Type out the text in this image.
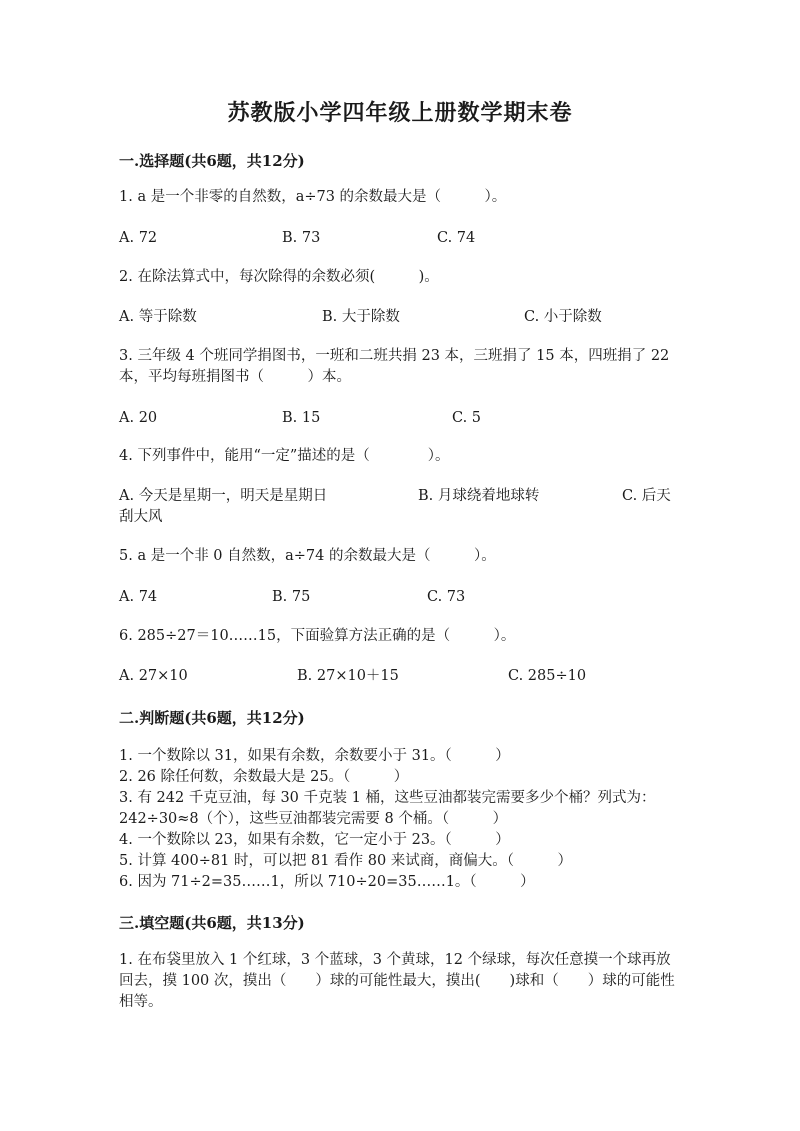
苏教版小学四年级上册数学期末卷
一.选择题(共6题，共12分)
1. a 是一个非零的自然数，a÷73 的余数最大是（　　　）。
A. 72	B. 73	C. 74
2. 在除法算式中，每次除得的余数必须(　　　)。
A. 等于除数	B. 大于除数	C. 小于除数
3. 三年级 4 个班同学捐图书，一班和二班共捐 23 本，三班捐了 15 本，四班捐了 22 本，平均每班捐图书（　　　）本。
A. 20	B. 15	C. 5
4. 下列事件中，能用“一定”描述的是（　　　　）。
A. 今天是星期一，明天是星期日	B. 月球绕着地球转	C. 后天
刮大风
5. a 是一个非 0 自然数，a÷74 的余数最大是（　　　）。
A. 74	B. 75	C. 73
6. 285÷27＝10……15，下面验算方法正确的是（　　　）。
A. 27×10	B. 27×10＋15	C. 285÷10
二.判断题(共6题，共12分)
1. 一个数除以 31，如果有余数，余数要小于 31。（　　　）
2. 26 除任何数，余数最大是 25。（　　　）
3. 有 242 千克豆油，每 30 千克装 1 桶，这些豆油都装完需要多少个桶？列式为：242÷30≈8（个），这些豆油都装完需要 8 个桶。（　　　）
4. 一个数除以 23，如果有余数，它一定小于 23。（　　　）
5. 计算 400÷81 时，可以把 81 看作 80 来试商，商偏大。（　　　）
6. 因为 71÷2=35……1，所以 710÷20=35……1。（　　　）
三.填空题(共6题，共13分)
1. 在布袋里放入 1 个红球，3 个蓝球，3 个黄球，12 个绿球，每次任意摸一个球再放回去，摸 100 次，摸出（　　）球的可能性最大，摸出(　　)球和（　　）球的可能性相等。
